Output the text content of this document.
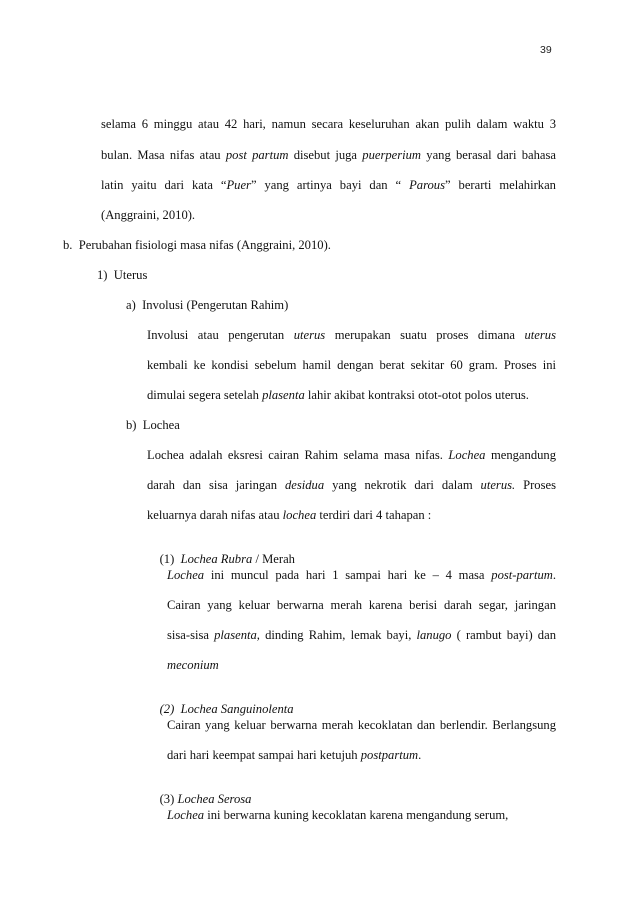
39
selama 6 minggu atau 42 hari, namun secara keseluruhan akan pulih dalam waktu 3
bulan. Masa nifas atau post partum disebut juga puerperium yang berasal dari bahasa
latin yaitu dari kata “Puer” yang artinya bayi dan “ Parous” berarti melahirkan
(Anggraini, 2010).
b.  Perubahan fisiologi masa nifas (Anggraini, 2010).
1)  Uterus
a)  Involusi (Pengerutan Rahim)
Involusi atau pengerutan uterus merupakan suatu proses dimana uterus
kembali ke kondisi sebelum hamil dengan berat sekitar 60 gram. Proses ini
dimulai segera setelah plasenta lahir akibat kontraksi otot-otot polos uterus.
b)  Lochea
Lochea adalah eksresi cairan Rahim selama masa nifas. Lochea mengandung
darah dan sisa jaringan desidua yang nekrotik dari dalam uterus. Proses
keluarnya darah nifas atau lochea terdiri dari 4 tahapan :

(1)  Lochea Rubra / Merah

Lochea ini muncul pada hari 1 sampai hari ke – 4 masa post-partum.
Cairan yang keluar berwarna merah karena berisi darah segar, jaringan
sisa-sisa plasenta, dinding Rahim, lemak bayi, lanugo ( rambut bayi) dan
meconium

(2)  Lochea Sanguinolenta

Cairan yang keluar berwarna merah kecoklatan dan berlendir. Berlangsung
dari hari keempat sampai hari ketujuh postpartum.

(3) Lochea Serosa

Lochea ini berwarna kuning kecoklatan karena mengandung serum,
